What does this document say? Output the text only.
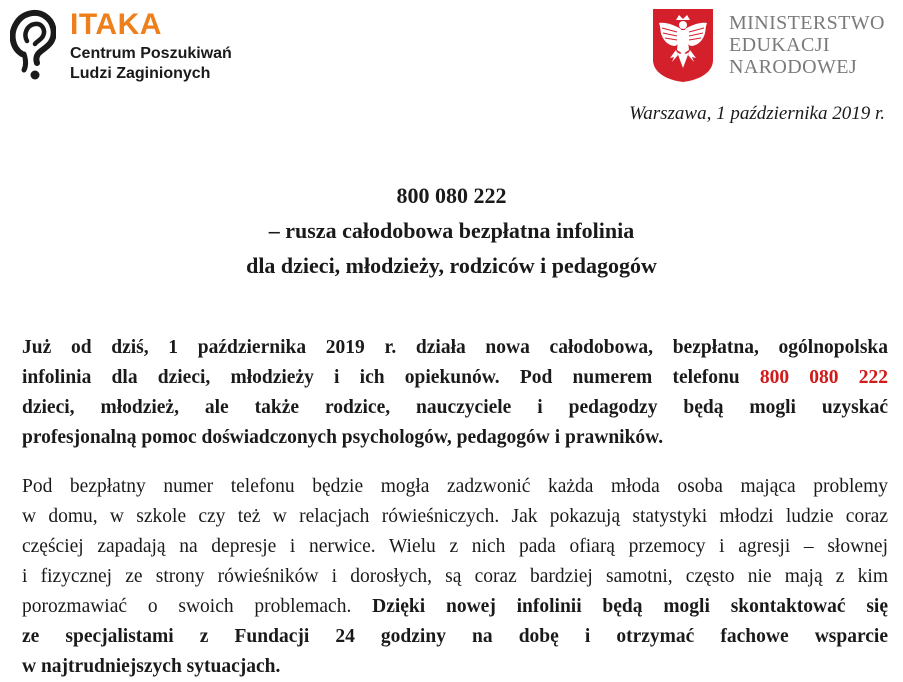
ITAKA
Centrum Poszukiwań
Ludzi Zaginionych
MINISTERSTWO
EDUKACJI
NARODOWEJ
Warszawa, 1 października 2019 r.
800 080 222
– rusza całodobowa bezpłatna infolinia
dla dzieci, młodzieży, rodziców i pedagogów
Już od dziś, 1 października 2019 r. działa nowa całodobowa, bezpłatna, ogólnopolska
infolinia dla dzieci, młodzieży i ich opiekunów. Pod numerem telefonu 800 080 222
dzieci, młodzież, ale także rodzice, nauczyciele i pedagodzy będą mogli uzyskać
profesjonalną pomoc doświadczonych psychologów, pedagogów i prawników.
Pod bezpłatny numer telefonu będzie mogła zadzwonić każda młoda osoba mająca problemy
w domu, w szkole czy też w relacjach rówieśniczych. Jak pokazują statystyki młodzi ludzie coraz
częściej zapadają na depresje i nerwice. Wielu z nich pada ofiarą przemocy i agresji – słownej
i fizycznej ze strony rówieśników i dorosłych, są coraz bardziej samotni, często nie mają z kim
porozmawiać o swoich problemach. Dzięki nowej infolinii będą mogli skontaktować się
ze specjalistami z Fundacji 24 godziny na dobę i otrzymać fachowe wsparcie
w najtrudniejszych sytuacjach.
